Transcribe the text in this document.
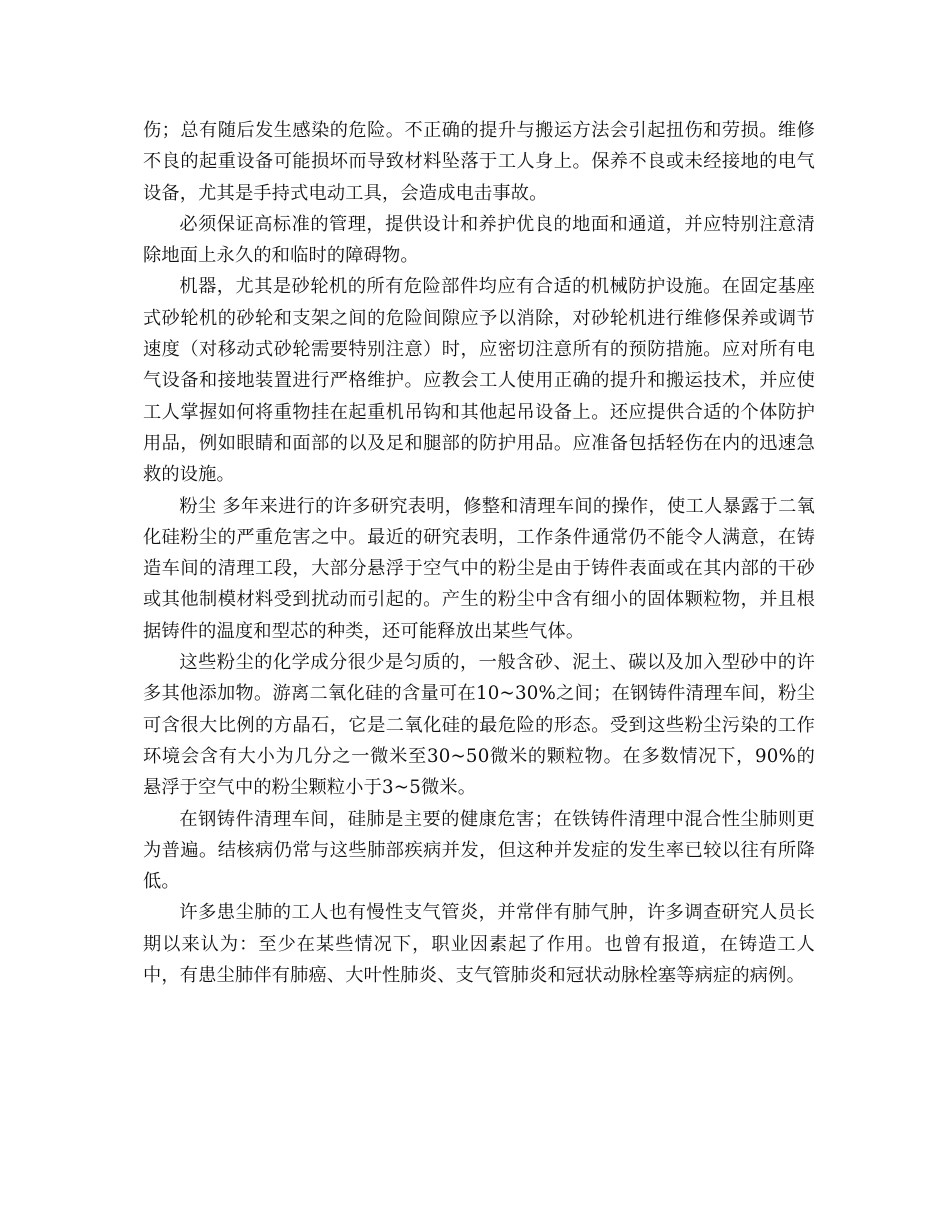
伤；总有随后发生感染的危险。不正确的提升与搬运方法会引起扭伤和劳损。维修不良的起重设备可能损坏而导致材料坠落于工人身上。保养不良或未经接地的电气设备，尤其是手持式电动工具，会造成电击事故。

必须保证高标准的管理，提供设计和养护优良的地面和通道，并应特别注意清除地面上永久的和临时的障碍物。

机器，尤其是砂轮机的所有危险部件均应有合适的机械防护设施。在固定基座式砂轮机的砂轮和支架之间的危险间隙应予以消除，对砂轮机进行维修保养或调节速度（对移动式砂轮需要特别注意）时，应密切注意所有的预防措施。应对所有电气设备和接地装置进行严格维护。应教会工人使用正确的提升和搬运技术，并应使工人掌握如何将重物挂在起重机吊钩和其他起吊设备上。还应提供合适的个体防护用品，例如眼睛和面部的以及足和腿部的防护用品。应准备包括轻伤在内的迅速急救的设施。

粉尘 多年来进行的许多研究表明，修整和清理车间的操作，使工人暴露于二氧化硅粉尘的严重危害之中。最近的研究表明，工作条件通常仍不能令人满意，在铸造车间的清理工段，大部分悬浮于空气中的粉尘是由于铸件表面或在其内部的干砂或其他制模材料受到扰动而引起的。产生的粉尘中含有细小的固体颗粒物，并且根据铸件的温度和型芯的种类，还可能释放出某些气体。

这些粉尘的化学成分很少是匀质的，一般含砂、泥土、碳以及加入型砂中的许多其他添加物。游离二氧化硅的含量可在10~30%之间；在钢铸件清理车间，粉尘可含很大比例的方晶石，它是二氧化硅的最危险的形态。受到这些粉尘污染的工作环境会含有大小为几分之一微米至30~50微米的颗粒物。在多数情况下，90%的悬浮于空气中的粉尘颗粒小于3~5微米。

在钢铸件清理车间，硅肺是主要的健康危害；在铁铸件清理中混合性尘肺则更为普遍。结核病仍常与这些肺部疾病并发，但这种并发症的发生率已较以往有所降低。

许多患尘肺的工人也有慢性支气管炎，并常伴有肺气肿，许多调查研究人员长期以来认为：至少在某些情况下，职业因素起了作用。也曾有报道，在铸造工人中，有患尘肺伴有肺癌、大叶性肺炎、支气管肺炎和冠状动脉栓塞等病症的病例。
